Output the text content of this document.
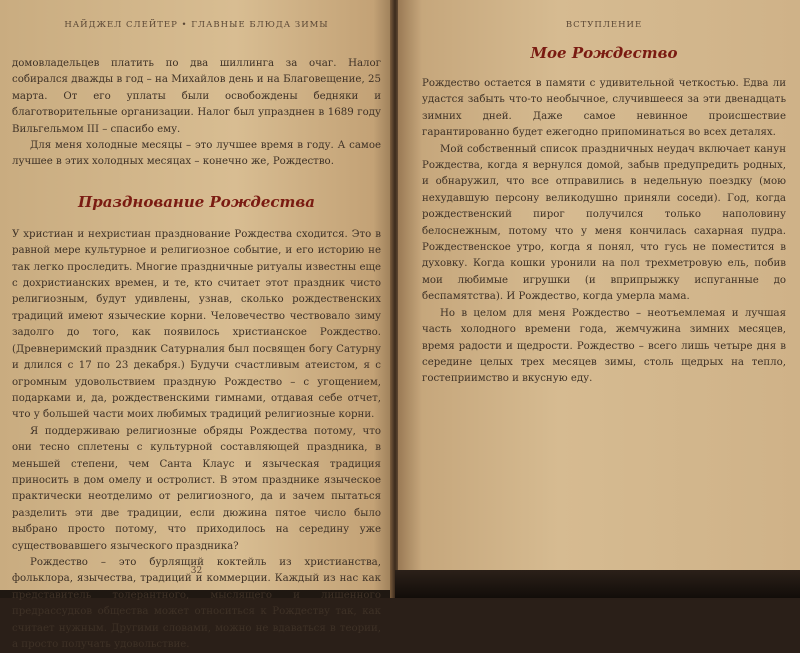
НАЙДЖЕЛ СЛЕЙТЕР • ГЛАВНЫЕ БЛЮДА ЗИМЫ

домовладельцев платить по два шиллинга за очаг. Налог собирался дважды в год – на Михайлов день и на Благовещение, 25 марта. От его уплаты были освобождены бедняки и благотворительные организации. Налог был упразднен в 1689 году Вильгельмом III – спасибо ему.

Для меня холодные месяцы – это лучшее время в году. А самое лучшее в этих холодных месяцах – конечно же, Рождество.

Празднование Рождества

У христиан и нехристиан празднование Рождества сходится. Это в равной мере культурное и религиозное событие, и его историю не так легко проследить. Многие праздничные ритуалы известны еще с дохристианских времен, и те, кто считает этот праздник чисто религиозным, будут удивлены, узнав, сколько рождественских традиций имеют языческие корни. Человечество чествовало зиму задолго до того, как появилось христианское Рождество. (Древнеримский праздник Сатурналия был посвящен богу Сатурну и длился с 17 по 23 декабря.) Будучи счастливым атеистом, я с огромным удовольствием праздную Рождество – с угощением, подарками и, да, рождественскими гимнами, отдавая себе отчет, что у большей части моих любимых традиций религиозные корни.

Я поддерживаю религиозные обряды Рождества потому, что они тесно сплетены с культурной составляющей праздника, в меньшей степени, чем Санта Клаус и языческая традиция приносить в дом омелу и остролист. В этом празднике языческое практически неотделимо от религиозного, да и зачем пытаться разделить эти две традиции, если дюжина пятое число было выбрано просто потому, что приходилось на середину уже существовавшего языческого праздника?

Рождество – это бурлящий коктейль из христианства, фольклора, язычества, традиций и коммерции. Каждый из нас как представитель толерантного, мыслящего и лишенного предрассудков общества может относиться к Рождеству так, как считает нужным. Другими словами, можно не вдаваться в теории, а просто получать удовольствие.

32
ВСТУПЛЕНИЕ
Мое Рождество

Рождество остается в памяти с удивительной четкостью. Едва ли удастся забыть что-то необычное, случившееся за эти двенадцать зимних дней. Даже самое невинное происшествие гарантированно будет ежегодно припоминаться во всех деталях.

Мой собственный список праздничных неудач включает канун Рождества, когда я вернулся домой, забыв предупредить родных, и обнаружил, что все отправились в недельную поездку (мою нехудавшую персону великодушно приняли соседи). Год, когда рождественский пирог получился только наполовину белоснежным, потому что у меня кончилась сахарная пудра. Рождественское утро, когда я понял, что гусь не поместится в духовку. Когда кошки уронили на пол трехметровую ель, побив мои любимые игрушки (и вприпрыжку испуганные до беспамятства). И Рождество, когда умерла мама.

Но в целом для меня Рождество – неотъемлемая и лучшая часть холодного времени года, жемчужина зимних месяцев, время радости и щедрости. Рождество – всего лишь четыре дня в середине целых трех месяцев зимы, столь щедрых на тепло, гостеприимство и вкусную еду.
